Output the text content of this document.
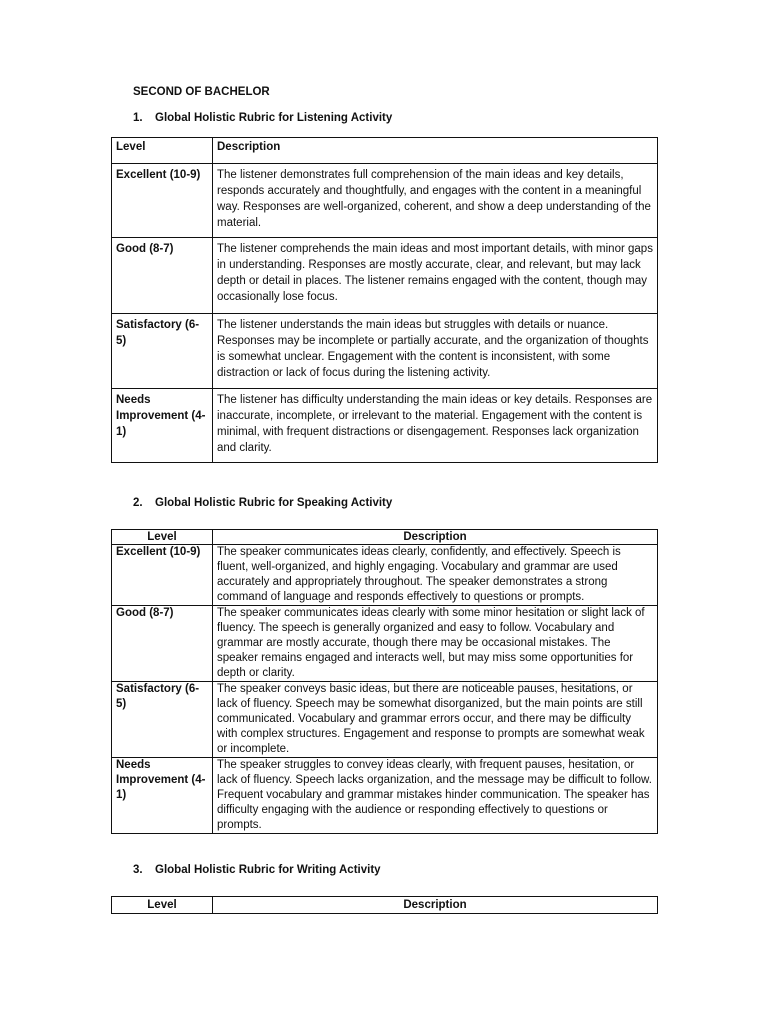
SECOND OF BACHELOR

1. Global Holistic Rubric for Listening Activity

Level	Description
Excellent (10-9)	The listener demonstrates full comprehension of the main ideas and key details, responds accurately and thoughtfully, and engages with the content in a meaningful way. Responses are well-organized, coherent, and show a deep understanding of the material.
Good (8-7)	The listener comprehends the main ideas and most important details, with minor gaps in understanding. Responses are mostly accurate, clear, and relevant, but may lack depth or detail in places. The listener remains engaged with the content, though may occasionally lose focus.
Satisfactory (6-5)	The listener understands the main ideas but struggles with details or nuance. Responses may be incomplete or partially accurate, and the organization of thoughts is somewhat unclear. Engagement with the content is inconsistent, with some distraction or lack of focus during the listening activity.
Needs Improvement (4-1)	The listener has difficulty understanding the main ideas or key details. Responses are inaccurate, incomplete, or irrelevant to the material. Engagement with the content is minimal, with frequent distractions or disengagement. Responses lack organization and clarity.

2. Global Holistic Rubric for Speaking Activity

Level	Description
Excellent (10-9)	The speaker communicates ideas clearly, confidently, and effectively. Speech is fluent, well-organized, and highly engaging. Vocabulary and grammar are used accurately and appropriately throughout. The speaker demonstrates a strong command of language and responds effectively to questions or prompts.
Good (8-7)	The speaker communicates ideas clearly with some minor hesitation or slight lack of fluency. The speech is generally organized and easy to follow. Vocabulary and grammar are mostly accurate, though there may be occasional mistakes. The speaker remains engaged and interacts well, but may miss some opportunities for depth or clarity.
Satisfactory (6-5)	The speaker conveys basic ideas, but there are noticeable pauses, hesitations, or lack of fluency. Speech may be somewhat disorganized, but the main points are still communicated. Vocabulary and grammar errors occur, and there may be difficulty with complex structures. Engagement and response to prompts are somewhat weak or incomplete.
Needs Improvement (4-1)	The speaker struggles to convey ideas clearly, with frequent pauses, hesitation, or lack of fluency. Speech lacks organization, and the message may be difficult to follow. Frequent vocabulary and grammar mistakes hinder communication. The speaker has difficulty engaging with the audience or responding effectively to questions or prompts.

3. Global Holistic Rubric for Writing Activity

Level	Description
